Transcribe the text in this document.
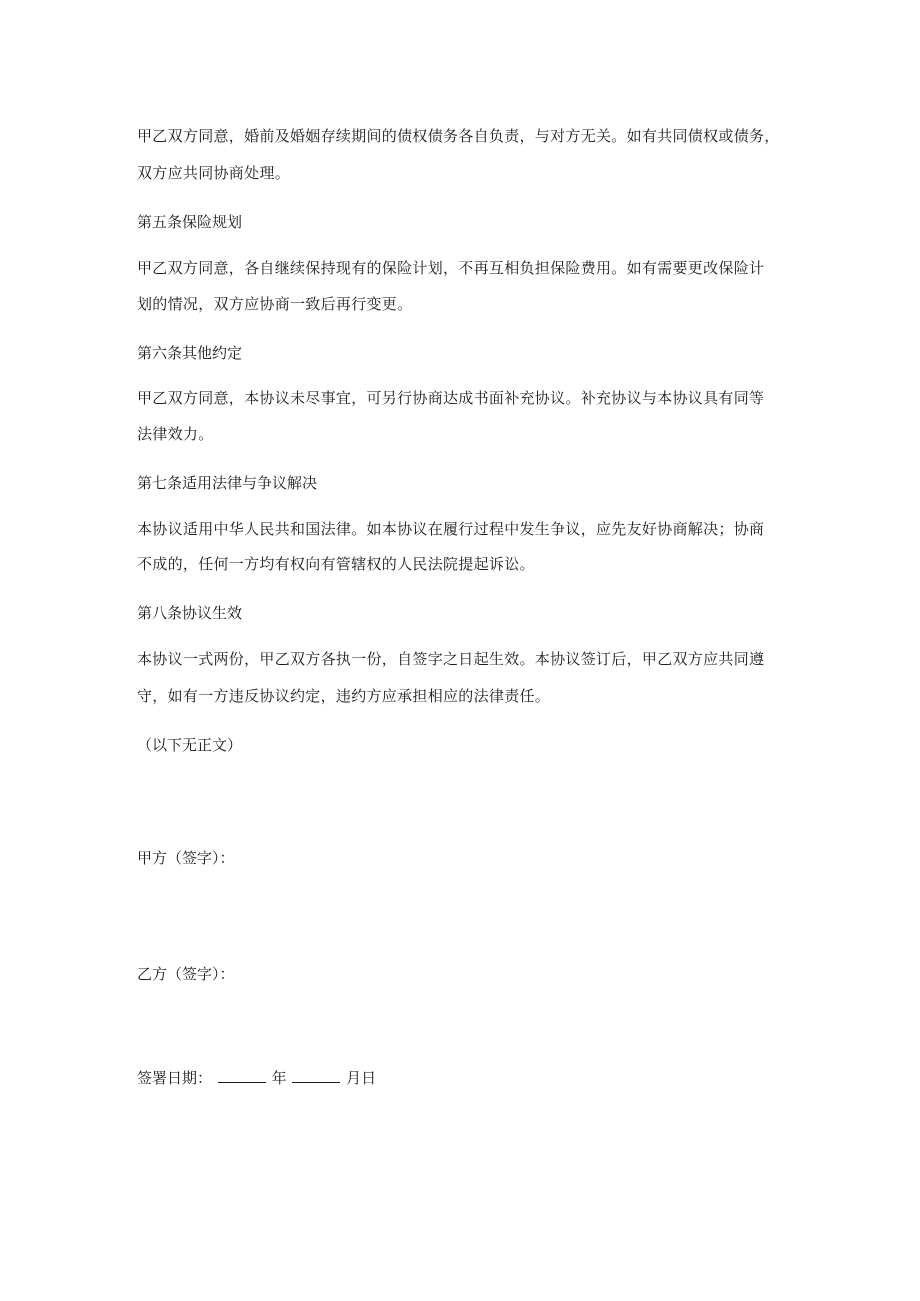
甲乙双方同意，婚前及婚姻存续期间的债权债务各自负责，与对方无关。如有共同债权或债务，

双方应共同协商处理。

第五条保险规划

甲乙双方同意，各自继续保持现有的保险计划，不再互相负担保险费用。如有需要更改保险计

划的情况，双方应协商一致后再行变更。

第六条其他约定

甲乙双方同意，本协议未尽事宜，可另行协商达成书面补充协议。补充协议与本协议具有同等

法律效力。

第七条适用法律与争议解决

本协议适用中华人民共和国法律。如本协议在履行过程中发生争议，应先友好协商解决；协商

不成的，任何一方均有权向有管辖权的人民法院提起诉讼。

第八条协议生效

本协议一式两份，甲乙双方各执一份，自签字之日起生效。本协议签订后，甲乙双方应共同遵

守，如有一方违反协议约定，违约方应承担相应的法律责任。

（以下无正文）

甲方（签字）：

乙方（签字）：

签署日期：	年	月日
